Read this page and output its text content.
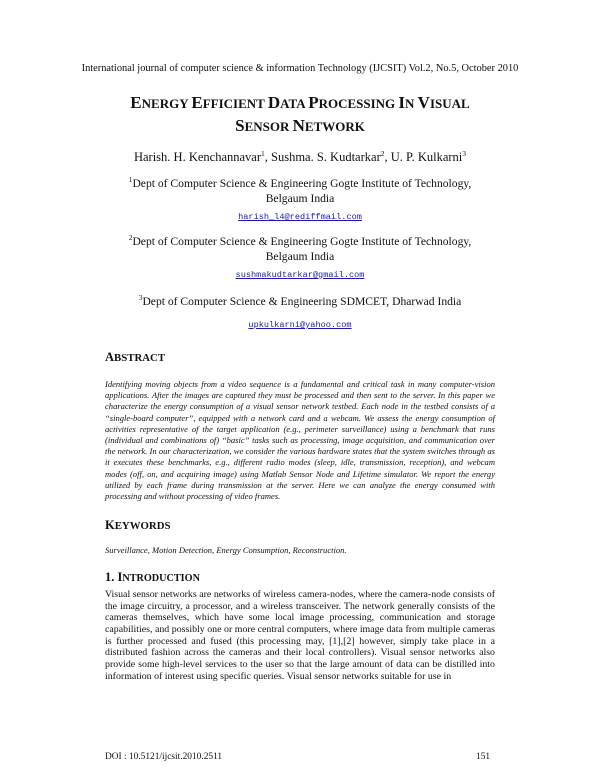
International journal of computer science & information Technology (IJCSIT) Vol.2, No.5, October 2010
ENERGY EFFICIENT DATA PROCESSING IN VISUAL
SENSOR NETWORK
Harish. H. Kenchannavar$^1$, Sushma. S. Kudtarkar$^2$, U. P. Kulkarni$^3$
$^1$Dept of Computer Science & Engineering Gogte Institute of Technology,
Belgaum India
harish_l4@rediffmail.com
$^2$Dept of Computer Science & Engineering Gogte Institute of Technology,
Belgaum India
sushmakudtarkar@gmail.com
$^3$Dept of Computer Science & Engineering SDMCET, Dharwad India
upkulkarni@yahoo.com
ABSTRACT
Identifying moving objects from a video sequence is a fundamental and critical task in many computer-vision applications. After the images are captured they must be processed and then sent to the server. In this paper we characterize the energy consumption of a visual sensor network testbed. Each node in the testbed consists of a “single-board computer”, equipped with a network card and a webcam. We assess the energy consumption of activities representative of the target application (e.g., perimeter surveillance) using a benchmark that runs (individual and combinations of) “basic” tasks such as processing, image acquisition, and communication over the network. In our characterization, we consider the various hardware states that the system switches through as it executes these benchmarks, e.g., different radio modes (sleep, idle, transmission, reception), and webcam modes (off, on, and acquiring image) using Matlab Sensor Node and Lifetime simulator. We report the energy utilized by each frame during transmission at the server. Here we can analyze the energy consumed with processing and without processing of video frames.
KEYWORDS
Surveillance, Motion Detection, Energy Consumption, Reconstruction.
1. INTRODUCTION
Visual sensor networks are networks of wireless camera-nodes, where the camera-node consists of the image circuitry, a processor, and a wireless transceiver. The network generally consists of the cameras themselves, which have some local image processing, communication and storage capabilities, and possibly one or more central computers, where image data from multiple cameras is further processed and fused (this processing may, [1],[2] however, simply take place in a distributed fashion across the cameras and their local controllers). Visual sensor networks also provide some high-level services to the user so that the large amount of data can be distilled into information of interest using specific queries. Visual sensor networks suitable for use in
DOI : 10.5121/ijcsit.2010.2511	151
